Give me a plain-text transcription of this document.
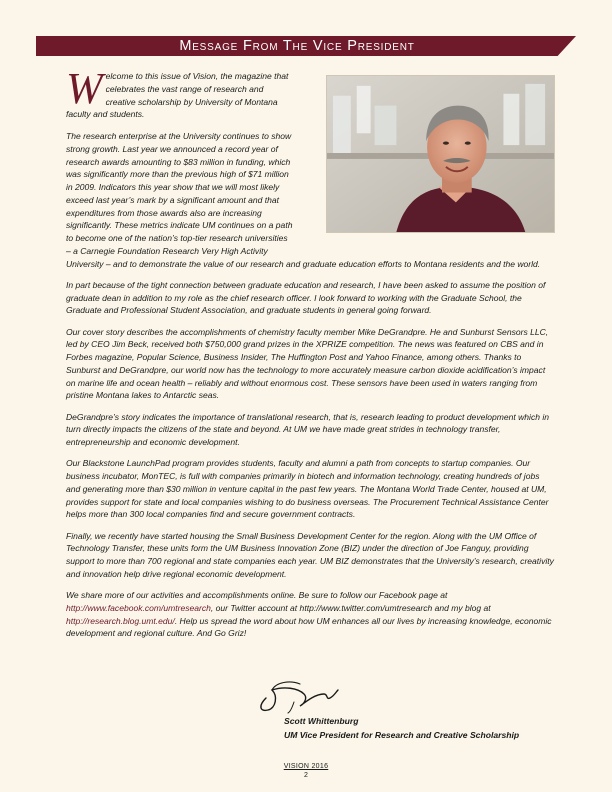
Message From The Vice President

Welcome to this issue of Vision, the magazine that celebrates the vast range of research and creative scholarship by University of Montana faculty and students.

The research enterprise at the University continues to show strong growth. Last year we announced a record year of research awards amounting to $83 million in funding, which was significantly more than the previous high of $71 million in 2009. Indicators this year show that we will most likely exceed last year’s mark by a significant amount and that expenditures from those awards also are increasing significantly. These metrics indicate UM continues on a path to become one of the nation’s top-tier research universities – a Carnegie Foundation Research Very High Activity University – and to demonstrate the value of our research and graduate education efforts to Montana residents and the world.

In part because of the tight connection between graduate education and research, I have been asked to assume the position of graduate dean in addition to my role as the chief research officer. I look forward to working with the Graduate School, the Graduate and Professional Student Association, and graduate students in general going forward.

Our cover story describes the accomplishments of chemistry faculty member Mike DeGrandpre. He and Sunburst Sensors LLC, led by CEO Jim Beck, received both $750,000 grand prizes in the XPRIZE competition. The news was featured on CBS and in Forbes magazine, Popular Science, Business Insider, The Huffington Post and Yahoo Finance, among others. Thanks to Sunburst and DeGrandpre, our world now has the technology to more accurately measure carbon dioxide acidification’s impact on marine life and ocean health – reliably and without enormous cost. These sensors have been used in waters ranging from pristine Montana lakes to Antarctic seas.

DeGrandpre’s story indicates the importance of translational research, that is, research leading to product development which in turn directly impacts the citizens of the state and beyond. At UM we have made great strides in technology transfer, entrepreneurship and economic development.

Our Blackstone LaunchPad program provides students, faculty and alumni a path from concepts to startup companies. Our business incubator, MonTEC, is full with companies primarily in biotech and information technology, creating hundreds of jobs and generating more than $30 million in venture capital in the past few years. The Montana World Trade Center, housed at UM, provides support for state and local companies wishing to do business overseas. The Procurement Technical Assistance Center helps more than 300 local companies find and secure government contracts.

Finally, we recently have started housing the Small Business Development Center for the region. Along with the UM Office of Technology Transfer, these units form the UM Business Innovation Zone (BIZ) under the direction of Joe Fanguy, providing support to more than 700 regional and state companies each year. UM BIZ demonstrates that the University’s research, creativity and innovation help drive regional economic development.

We share more of our activities and accomplishments online. Be sure to follow our Facebook page at http://www.facebook.com/umtresearch, our Twitter account at http://www.twitter.com/umtresearch and my blog at http://research.blog.umt.edu/. Help us spread the word about how UM enhances all our lives by increasing knowledge, economic development and regional culture. And Go Griz!

Scott Whittenburg
UM Vice President for Research and Creative Scholarship
VISION 2016
2
